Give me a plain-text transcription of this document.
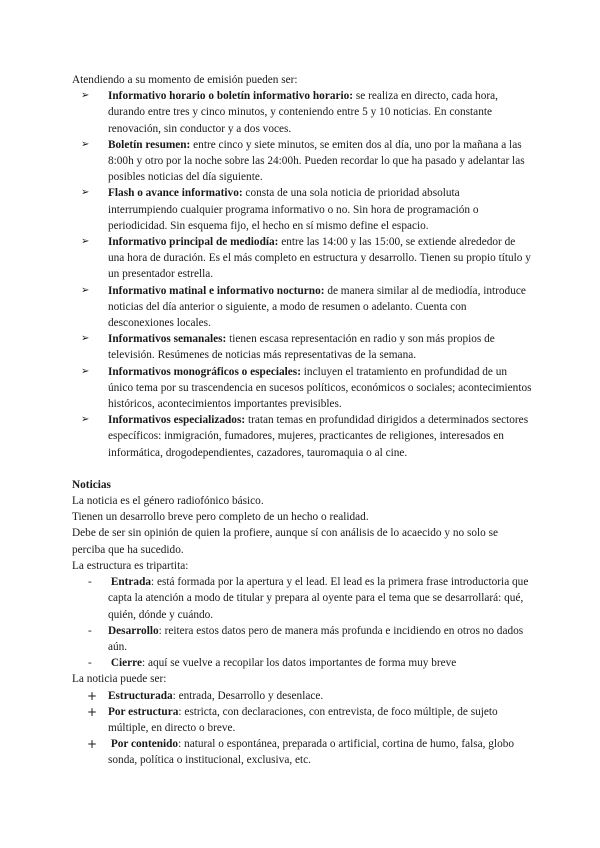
Atendiendo a su momento de emisión pueden ser:

➢ Informativo horario o boletín informativo horario: se realiza en directo, cada hora, durando entre tres y cinco minutos, y conteniendo entre 5 y 10 noticias. En constante renovación, sin conductor y a dos voces.
➢ Boletín resumen: entre cinco y siete minutos, se emiten dos al día, uno por la mañana a las 8:00h y otro por la noche sobre las 24:00h. Pueden recordar lo que ha pasado y adelantar las posibles noticias del día siguiente.
➢ Flash o avance informativo: consta de una sola noticia de prioridad absoluta interrumpiendo cualquier programa informativo o no. Sin hora de programación o periodicidad. Sin esquema fijo, el hecho en sí mismo define el espacio.
➢ Informativo principal de mediodía: entre las 14:00 y las 15:00, se extiende alrededor de una hora de duración. Es el más completo en estructura y desarrollo. Tienen su propio título y un presentador estrella.
➢ Informativo matinal e informativo nocturno: de manera similar al de mediodía, introduce noticias del día anterior o siguiente, a modo de resumen o adelanto. Cuenta con desconexiones locales.
➢ Informativos semanales: tienen escasa representación en radio y son más propios de televisión. Resúmenes de noticias más representativas de la semana.
➢ Informativos monográficos o especiales: incluyen el tratamiento en profundidad de un único tema por su trascendencia en sucesos políticos, económicos o sociales; acontecimientos históricos, acontecimientos importantes previsibles.
➢ Informativos especializados: tratan temas en profundidad dirigidos a determinados sectores específicos: inmigración, fumadores, mujeres, practicantes de religiones, interesados en informática, drogodependientes, cazadores, tauromaquia o al cine.

Noticias

La noticia es el género radiofónico básico.

Tienen un desarrollo breve pero completo de un hecho o realidad.

Debe de ser sin opinión de quien la profiere, aunque sí con análisis de lo acaecido y no solo se perciba que ha sucedido.

La estructura es tripartita:

- Entrada: está formada por la apertura y el lead. El lead es la primera frase introductoria que capta la atención a modo de titular y prepara al oyente para el tema que se desarrollará: qué, quién, dónde y cuándo.
- Desarrollo: reitera estos datos pero de manera más profunda e incidiendo en otros no dados aún.
- Cierre: aquí se vuelve a recopilar los datos importantes de forma muy breve

La noticia puede ser:

+ Estructurada: entrada, Desarrollo y desenlace.
+ Por estructura: estricta, con declaraciones, con entrevista, de foco múltiple, de sujeto múltiple, en directo o breve.
+ Por contenido: natural o espontánea, preparada o artificial, cortina de humo, falsa, globo sonda, política o institucional, exclusiva, etc.
